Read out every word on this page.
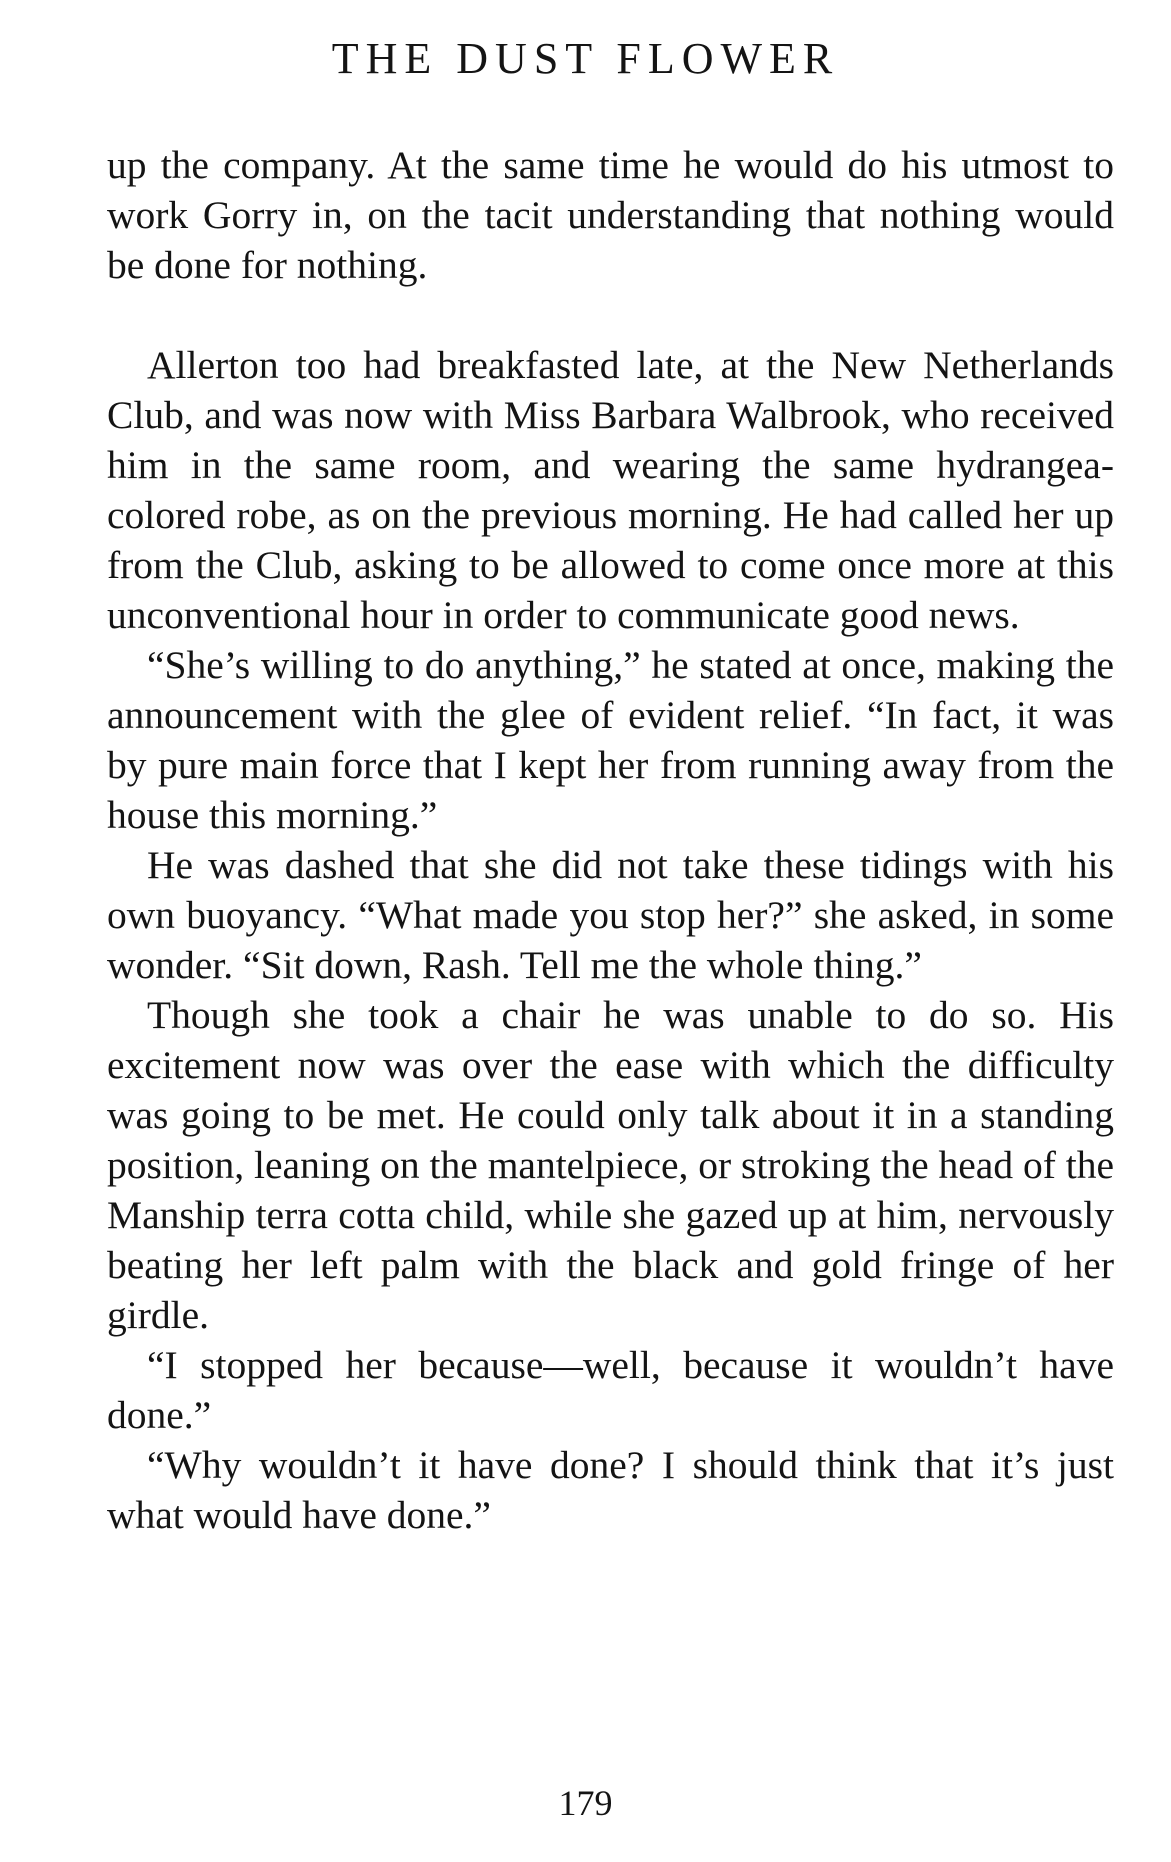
THE DUST FLOWER

up the company. At the same time he would do his utmost to work Gorry in, on the tacit understanding that nothing would be done for nothing.

Allerton too had breakfasted late, at the New Netherlands Club, and was now with Miss Barbara Walbrook, who received him in the same room, and wearing the same hydrangea-colored robe, as on the previous morning. He had called her up from the Club, asking to be allowed to come once more at this unconventional hour in order to communicate good news.

“She’s willing to do anything,” he stated at once, making the announcement with the glee of evident relief. “In fact, it was by pure main force that I kept her from running away from the house this morning.”

He was dashed that she did not take these tidings with his own buoyancy. “What made you stop her?” she asked, in some wonder. “Sit down, Rash. Tell me the whole thing.”

Though she took a chair he was unable to do so. His excitement now was over the ease with which the difficulty was going to be met. He could only talk about it in a standing position, leaning on the mantelpiece, or stroking the head of the Manship terra cotta child, while she gazed up at him, nervously beating her left palm with the black and gold fringe of her girdle.

“I stopped her because—well, because it wouldn’t have done.”

“Why wouldn’t it have done? I should think that it’s just what would have done.”

179
